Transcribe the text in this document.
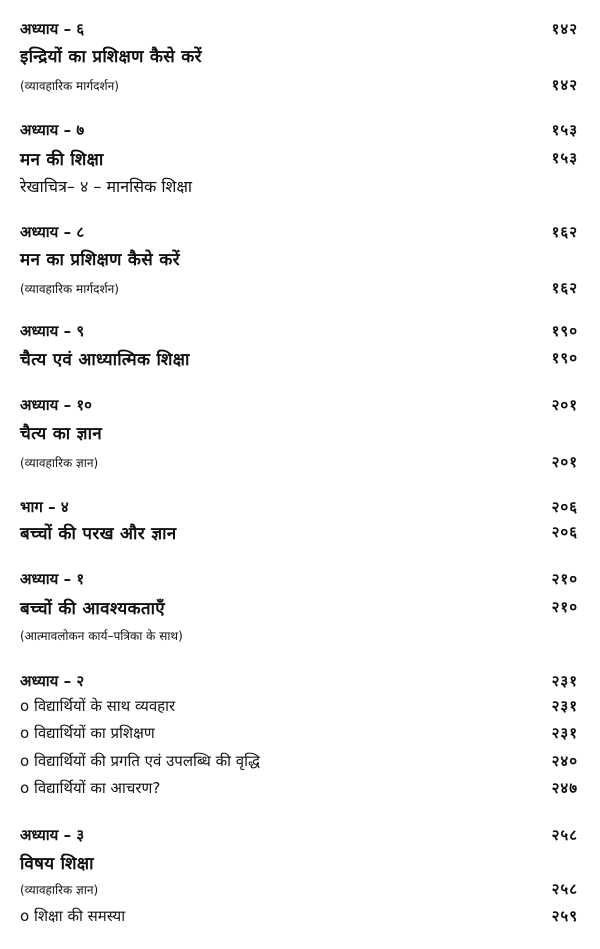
अध्याय – ६	१४२
इन्द्रियों का प्रशिक्षण कैसे करें
(व्यावहारिक मार्गदर्शन)	१४२
अध्याय – ७	१५३
मन की शिक्षा	१५३
रेखाचित्र– ४ – मानसिक शिक्षा
अध्याय – ८	१६२
मन का प्रशिक्षण कैसे करें
(व्यावहारिक मार्गदर्शन)	१६२
अध्याय – ९	१९०
चैत्य एवं आध्यात्मिक शिक्षा	१९०
अध्याय – १०	२०१
चैत्य का ज्ञान
(व्यावहारिक ज्ञान)	२०१
भाग – ४	२०६
बच्चों की परख और ज्ञान	२०६
अध्याय – १	२१०
बच्चों की आवश्यकताएँ	२१०
(आत्मावलोकन कार्य–पत्रिका के साथ)
अध्याय – २	२३१
o विद्यार्थियों के साथ व्यवहार	२३१
o विद्यार्थियों का प्रशिक्षण	२३१
o विद्यार्थियों की प्रगति एवं उपलब्धि की वृद्धि	२४०
o विद्यार्थियों का आचरण?	२४७
अध्याय – ३	२५८
विषय शिक्षा
(व्यावहारिक ज्ञान)	२५८
o शिक्षा की समस्या	२५९
